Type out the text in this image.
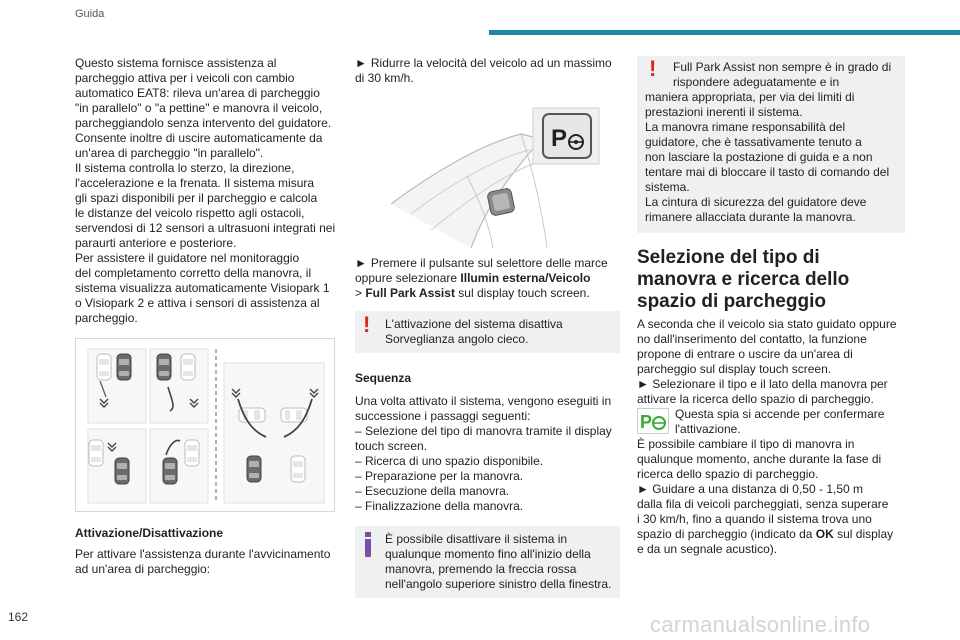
Guida

Questo sistema fornisce assistenza al

parcheggio attiva per i veicoli con cambio

automatico EAT8: rileva un'area di parcheggio

"in parallelo" o "a pettine" e manovra il veicolo,

parcheggiandolo senza intervento del guidatore.

Consente inoltre di uscire automaticamente da

un'area di parcheggio "in parallelo".

Il sistema controlla lo sterzo, la direzione,

l'accelerazione e la frenata. Il sistema misura

gli spazi disponibili per il parcheggio e calcola

le distanze del veicolo rispetto agli ostacoli,

servendosi di 12 sensori a ultrasuoni integrati nei

paraurti anteriore e posteriore.

Per assistere il guidatore nel monitoraggio

del completamento corretto della manovra, il

sistema visualizza automaticamente Visiopark 1

o Visiopark 2 e attiva i sensori di assistenza al

parcheggio.

Attivazione/Disattivazione

Per attivare l'assistenza durante l'avvicinamento

ad un'area di parcheggio:

► Ridurre la velocità del veicolo ad un massimo

di 30 km/h.

P

► Premere il pulsante sul selettore delle marce

oppure selezionare Illumin esterna/Veicolo

> Full Park Assist sul display touch screen.

! L'attivazione del sistema disattiva

Sorveglianza angolo cieco.

Sequenza

Una volta attivato il sistema, vengono eseguiti in

successione i passaggi seguenti:

– Selezione del tipo di manovra tramite il display

touch screen.

– Ricerca di uno spazio disponibile.

– Preparazione per la manovra.

– Esecuzione della manovra.

– Finalizzazione della manovra.

È possibile disattivare il sistema in

qualunque momento fino all'inizio della

manovra, premendo la freccia rossa

nell'angolo superiore sinistro della finestra.

!	Full Park Assist non sempre è in grado di

rispondere adeguatamente e in

maniera appropriata, per via dei limiti di

prestazioni inerenti il sistema.

La manovra rimane responsabilità del

guidatore, che è tassativamente tenuto a

non lasciare la postazione di guida e a non

tentare mai di bloccare il tasto di comando del

sistema.

La cintura di sicurezza del guidatore deve

rimanere allacciata durante la manovra.

Selezione del tipo di

manovra e ricerca dello

spazio di parcheggio

A seconda che il veicolo sia stato guidato oppure

no dall'inserimento del contatto, la funzione

propone di entrare o uscire da un'area di

parcheggio sul display touch screen.

► Selezionare il tipo e il lato della manovra per

attivare la ricerca dello spazio di parcheggio.

P Questa spia si accende per confermare

l'attivazione.

È possibile cambiare il tipo di manovra in

qualunque momento, anche durante la fase di

ricerca dello spazio di parcheggio.

► Guidare a una distanza di 0,50 - 1,50 m

dalla fila di veicoli parcheggiati, senza superare

i 30 km/h, fino a quando il sistema trova uno

spazio di parcheggio (indicato da OK sul display

e da un segnale acustico).

162	carmanualsonline.info
